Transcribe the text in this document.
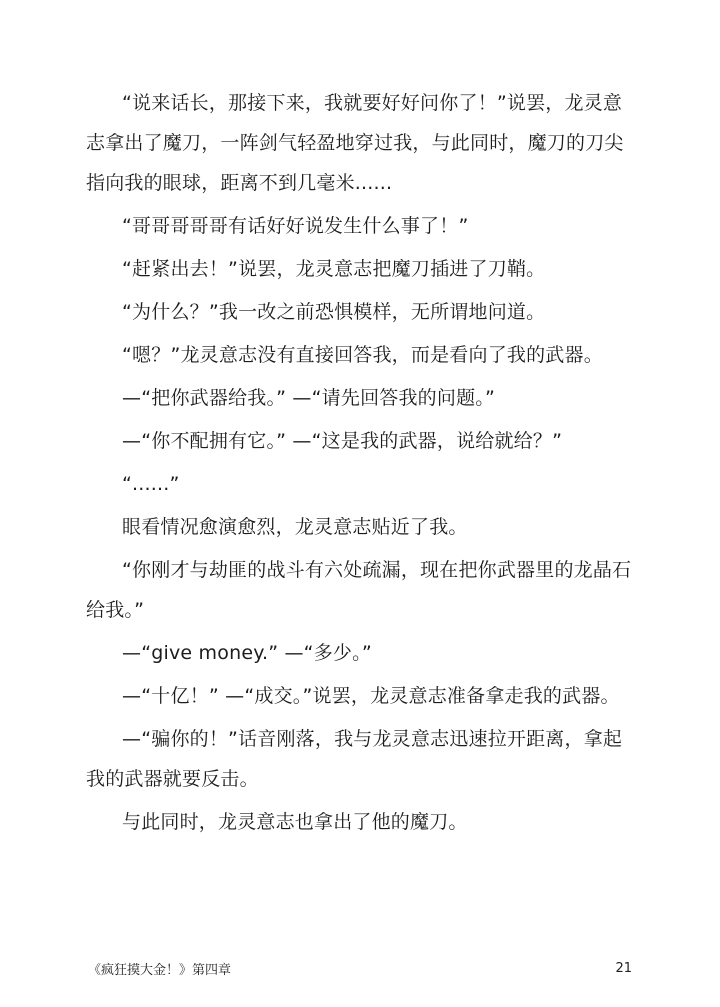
“说来话长，那接下来，我就要好好问你了！”说罢，龙灵意志拿出了魔刀，一阵剑气轻盈地穿过我，与此同时，魔刀的刀尖指向我的眼球，距离不到几毫米......

“哥哥哥哥哥有话好好说发生什么事了！”

“赶紧出去！”说罢，龙灵意志把魔刀插进了刀鞘。

“为什么？”我一改之前恐惧模样，无所谓地问道。

“嗯？”龙灵意志没有直接回答我，而是看向了我的武器。

—“把你武器给我。” —“请先回答我的问题。”

—“你不配拥有它。” —“这是我的武器，说给就给？”

“......”

眼看情况愈演愈烈，龙灵意志贴近了我。

“你刚才与劫匪的战斗有六处疏漏，现在把你武器里的龙晶石给我。”

—“give money.” —“多少。”

—“十亿！” —“成交。”说罢，龙灵意志准备拿走我的武器。

—“骗你的！”话音刚落，我与龙灵意志迅速拉开距离，拿起我的武器就要反击。

与此同时，龙灵意志也拿出了他的魔刀。

《疯狂摸大金！》第四章	21
